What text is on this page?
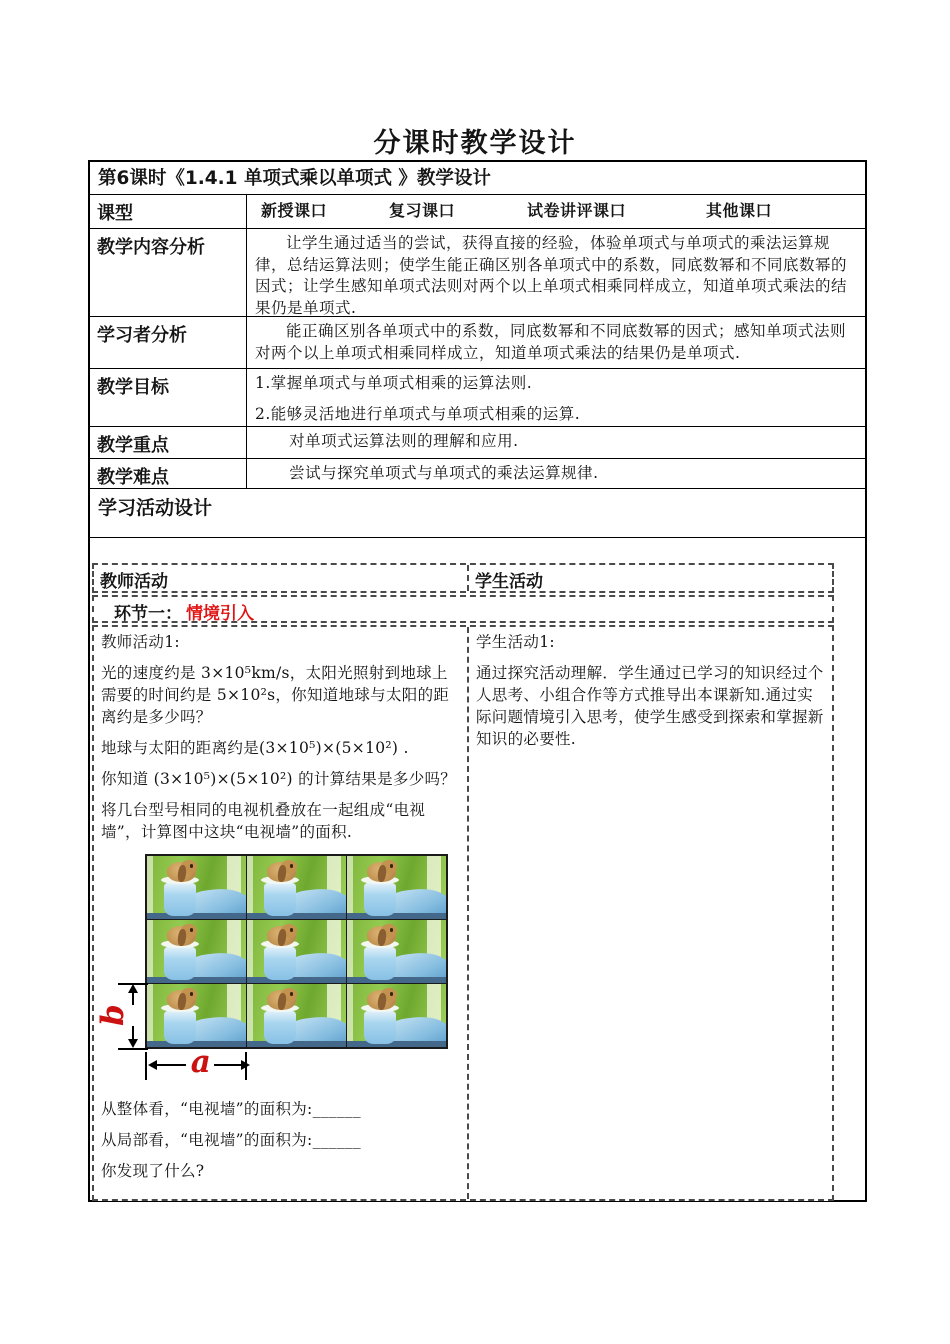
分课时教学设计
第6课时《1.4.1 单项式乘以单项式 》教学设计
课型	新授课口	复习课口	试卷讲评课口	其他课口
教学内容分析	让学生通过适当的尝试，获得直接的经验，体验单项式与单项式的乘法运算规律，总结运算法则；使学生能正确区别各单项式中的系数，同底数幂和不同底数幂的因式；让学生感知单项式法则对两个以上单项式相乘同样成立，知道单项式乘法的结果仍是单项式.

学习者分析	能正确区别各单项式中的系数，同底数幂和不同底数幂的因式；感知单项式法则对两个以上单项式相乘同样成立，知道单项式乘法的结果仍是单项式.

教学目标	1.掌握单项式与单项式相乘的运算法则.

2.能够灵活地进行单项式与单项式相乘的运算.

教学重点	对单项式运算法则的理解和应用.

教学难点	尝试与探究单项式与单项式的乘法运算规律.

学习活动设计
教师活动	学生活动
环节一： 情境引入

教师活动1:

光的速度约是 3×10⁵km/s，太阳光照射到地球上需要的时间约是 5×10²s，你知道地球与太阳的距离约是多少吗？

地球与太阳的距离约是(3×10⁵)×(5×10²) .

你知道 (3×10⁵)×(5×10²) 的计算结果是多少吗？

将几台型号相同的电视机叠放在一起组成“电视墙”，计算图中这块“电视墙”的面积.

b
a

从整体看，“电视墙”的面积为:______

从局部看，“电视墙”的面积为:______

你发现了什么?

学生活动1:

通过探究活动理解．学生通过已学习的知识经过个人思考、小组合作等方式推导出本课新知.通过实际问题情境引入思考，使学生感受到探索和掌握新知识的必要性.
